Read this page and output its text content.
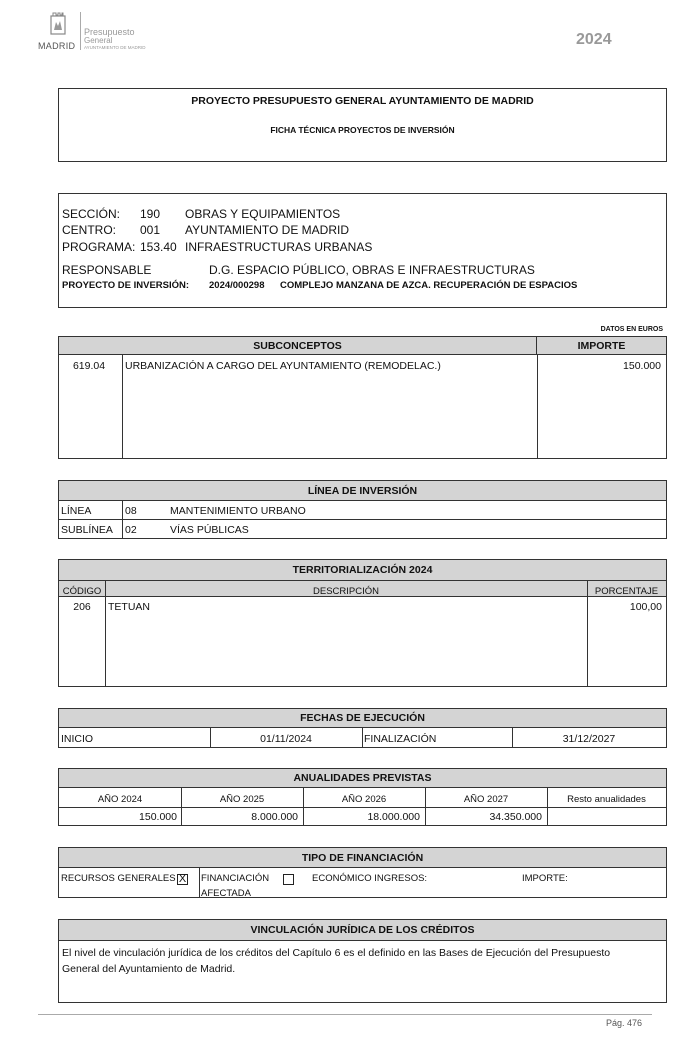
MADRID
Presupuesto
General
AYUNTAMIENTO DE MADRID	2024
PROYECTO PRESUPUESTO GENERAL AYUNTAMIENTO DE MADRID
FICHA TÉCNICA PROYECTOS DE INVERSIÓN
SECCIÓN: 190 OBRAS Y EQUIPAMIENTOS
CENTRO: 001 AYUNTAMIENTO DE MADRID
PROGRAMA: 153.40 INFRAESTRUCTURAS URBANAS
RESPONSABLE	D.G. ESPACIO PÚBLICO, OBRAS E INFRAESTRUCTURAS
PROYECTO DE INVERSIÓN: 2024/000298 COMPLEJO MANZANA DE AZCA. RECUPERACIÓN DE ESPACIOS
DATOS EN EUROS
SUBCONCEPTOS	IMPORTE
619.04	URBANIZACIÓN A CARGO DEL AYUNTAMIENTO (REMODELAC.)	150.000
LÍNEA DE INVERSIÓN
LÍNEA	08	MANTENIMIENTO URBANO
SUBLÍNEA 02	VÍAS PÚBLICAS
TERRITORIALIZACIÓN 2024
CÓDIGO	DESCRIPCIÓN	PORCENTAJE
206	TETUAN	100,00
FECHAS DE EJECUCIÓN
INICIO	01/11/2024	FINALIZACIÓN	31/12/2027
ANUALIDADES PREVISTAS
AÑO 2024	AÑO 2025	AÑO 2026	AÑO 2027	Resto anualidades
150.000	8.000.000	18.000.000	34.350.000
TIPO DE FINANCIACIÓN
RECURSOS GENERALES X FINANCIACIÓN
AFECTADA
ECONÓMICO INGRESOS:	IMPORTE:
VINCULACIÓN JURÍDICA DE LOS CRÉDITOS
El nivel de vinculación jurídica de los créditos del Capítulo 6 es el definido en las Bases de Ejecución del Presupuesto General del Ayuntamiento de Madrid.
Pág. 476
